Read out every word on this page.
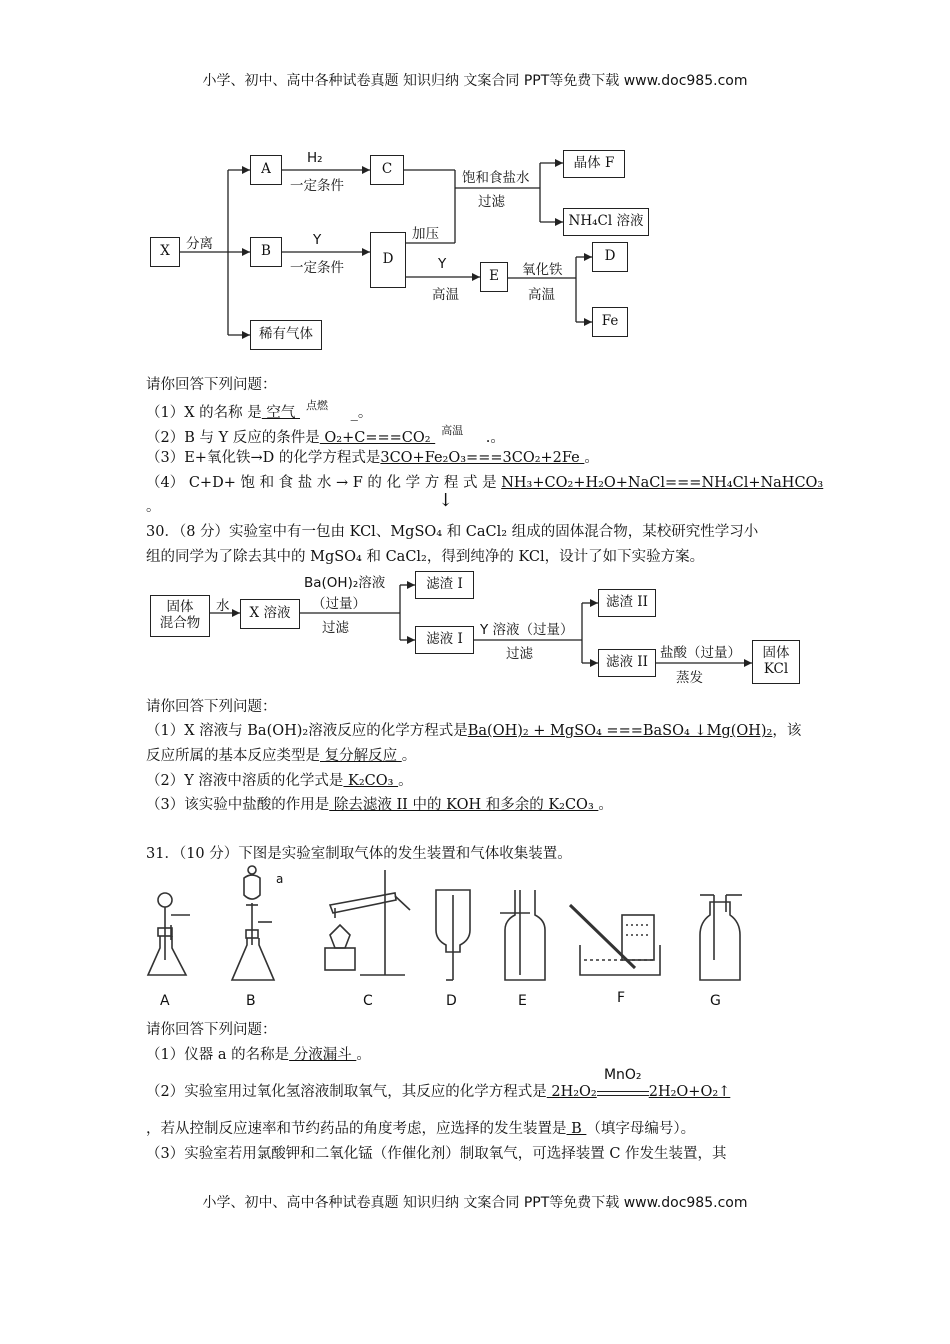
小学、初中、高中各种试卷真题 知识归纳 文案合同 PPT等免费下载 www.doc985.com
小学、初中、高中各种试卷真题 知识归纳 文案合同 PPT等免费下载 www.doc985.com
X
A
B
C
D
E
稀有气体
晶体 F
NH₄Cl 溶液
D
Fe
分离
H₂
一定条件
Y
一定条件
饱和食盐水
过滤
加压
Y
高温
氧化铁
高温
请你回答下列问题：
（1）X 的名称 是 空气 $^{点燃}$ _。
（2）B 与 Y 反应的条件是 O₂+C===CO₂ $^{高温}$ .。
（3）E+氧化铁→D 的化学方程式是3CO+Fe₂O₃===3CO₂+2Fe 。
（4） C+D+ 饱 和 食 盐 水 → F 的 化 学 方 程 式 是 NH₃+CO₂+H₂O+NaCl===NH₄Cl+NaHCO₃
。	↓
30．（8 分）实验室中有一包由 KCl、MgSO₄ 和 CaCl₂ 组成的固体混合物，某校研究性学习小
组的同学为了除去其中的 MgSO₄ 和 CaCl₂，得到纯净的 KCl，设计了如下实验方案。
固体
混合物
X 溶液
滤渣 I
滤液 I
滤渣 II
滤液 II
固体
KCl
水
Ba(OH)₂溶液
（过量）
过滤	Y 溶液（过量）
过滤	盐酸（过量）
蒸发
请你回答下列问题：
（1）X 溶液与 Ba(OH)₂溶液反应的化学方程式是Ba(OH)₂ + MgSO₄ ===BaSO₄ ↓Mg(OH)₂，该
反应所属的基本反应类型是 复分解反应 。
（2）Y 溶液中溶质的化学式是 K₂CO₃ 。
（3）该实验中盐酸的作用是 除去滤液 II 中的 KOH 和多余的 K₂CO₃ 。
31．（10 分）下图是实验室制取气体的发生装置和气体收集装置。
a
A	B	C	D	E	F	G
请你回答下列问题：
（1）仪器 a 的名称是 分液漏斗 。
（2）实验室用过氧化氢溶液制取氧气，其反应的化学方程式是 2H₂O₂
MnO₂
2H₂O+O₂↑
，若从控制反应速率和节约药品的角度考虑，应选择的发生装置是 B （填字母编号）。
（3）实验室若用氯酸钾和二氧化锰（作催化剂）制取氧气，可选择装置 C 作发生装置，其
